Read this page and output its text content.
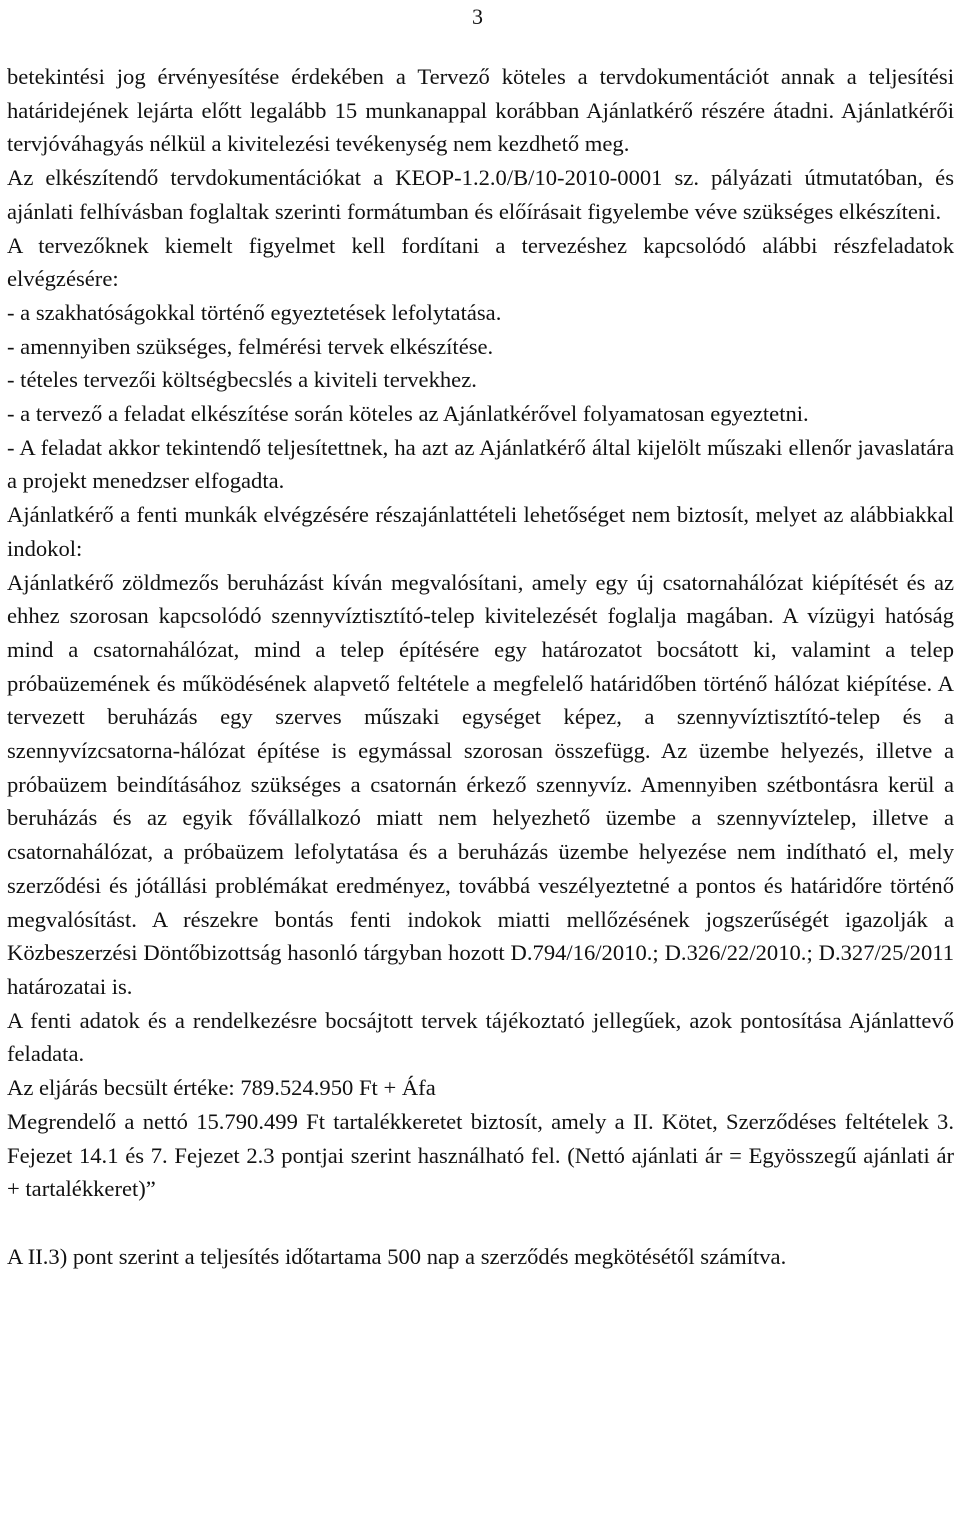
3

betekintési jog érvényesítése érdekében a Tervező köteles a tervdokumentációt annak a teljesítési határidejének lejárta előtt legalább 15 munkanappal korábban Ajánlatkérő részére átadni. Ajánlatkérői tervjóváhagyás nélkül a kivitelezési tevékenység nem kezdhető meg.

Az elkészítendő tervdokumentációkat a KEOP-1.2.0/B/10-2010-0001 sz. pályázati útmutatóban, és ajánlati felhívásban foglaltak szerinti formátumban és előírásait figyelembe véve szükséges elkészíteni.

A tervezőknek kiemelt figyelmet kell fordítani a tervezéshez kapcsolódó alábbi részfeladatok elvégzésére:

- a szakhatóságokkal történő egyeztetések lefolytatása.

- amennyiben szükséges, felmérési tervek elkészítése.

- tételes tervezői költségbecslés a kiviteli tervekhez.

- a tervező a feladat elkészítése során köteles az Ajánlatkérővel folyamatosan egyeztetni.

- A feladat akkor tekintendő teljesítettnek, ha azt az Ajánlatkérő által kijelölt műszaki ellenőr javaslatára a projekt menedzser elfogadta.

Ajánlatkérő a fenti munkák elvégzésére részajánlattételi lehetőséget nem biztosít, melyet az alábbiakkal indokol:

Ajánlatkérő zöldmezős beruházást kíván megvalósítani, amely egy új csatornahálózat kiépítését és az ehhez szorosan kapcsolódó szennyvíztisztító-telep kivitelezését foglalja magában. A vízügyi hatóság mind a csatornahálózat, mind a telep építésére egy határozatot bocsátott ki, valamint a telep próbaüzemének és működésének alapvető feltétele a megfelelő határidőben történő hálózat kiépítése. A tervezett beruházás egy szerves műszaki egységet képez, a szennyvíztisztító-telep és a szennyvízcsatorna-hálózat építése is egymással szorosan összefügg. Az üzembe helyezés, illetve a próbaüzem beindításához szükséges a csatornán érkező szennyvíz. Amennyiben szétbontásra kerül a beruházás és az egyik fővállalkozó miatt nem helyezhető üzembe a szennyvíztelep, illetve a csatornahálózat, a próbaüzem lefolytatása és a beruházás üzembe helyezése nem indítható el, mely szerződési és jótállási problémákat eredményez, továbbá veszélyeztetné a pontos és határidőre történő megvalósítást. A részekre bontás fenti indokok miatti mellőzésének jogszerűségét igazolják a Közbeszerzési Döntőbizottság hasonló tárgyban hozott D.794/16/2010.; D.326/22/2010.; D.327/25/2011 határozatai is.

A fenti adatok és a rendelkezésre bocsájtott tervek tájékoztató jellegűek, azok pontosítása Ajánlattevő feladata.

Az eljárás becsült értéke: 789.524.950 Ft + Áfa

Megrendelő a nettó 15.790.499 Ft tartalékkeretet biztosít, amely a II. Kötet, Szerződéses feltételek 3. Fejezet 14.1 és 7. Fejezet 2.3 pontjai szerint használható fel. (Nettó ajánlati ár = Egyösszegű ajánlati ár + tartalékkeret)”

A II.3) pont szerint a teljesítés időtartama 500 nap a szerződés megkötésétől számítva.
